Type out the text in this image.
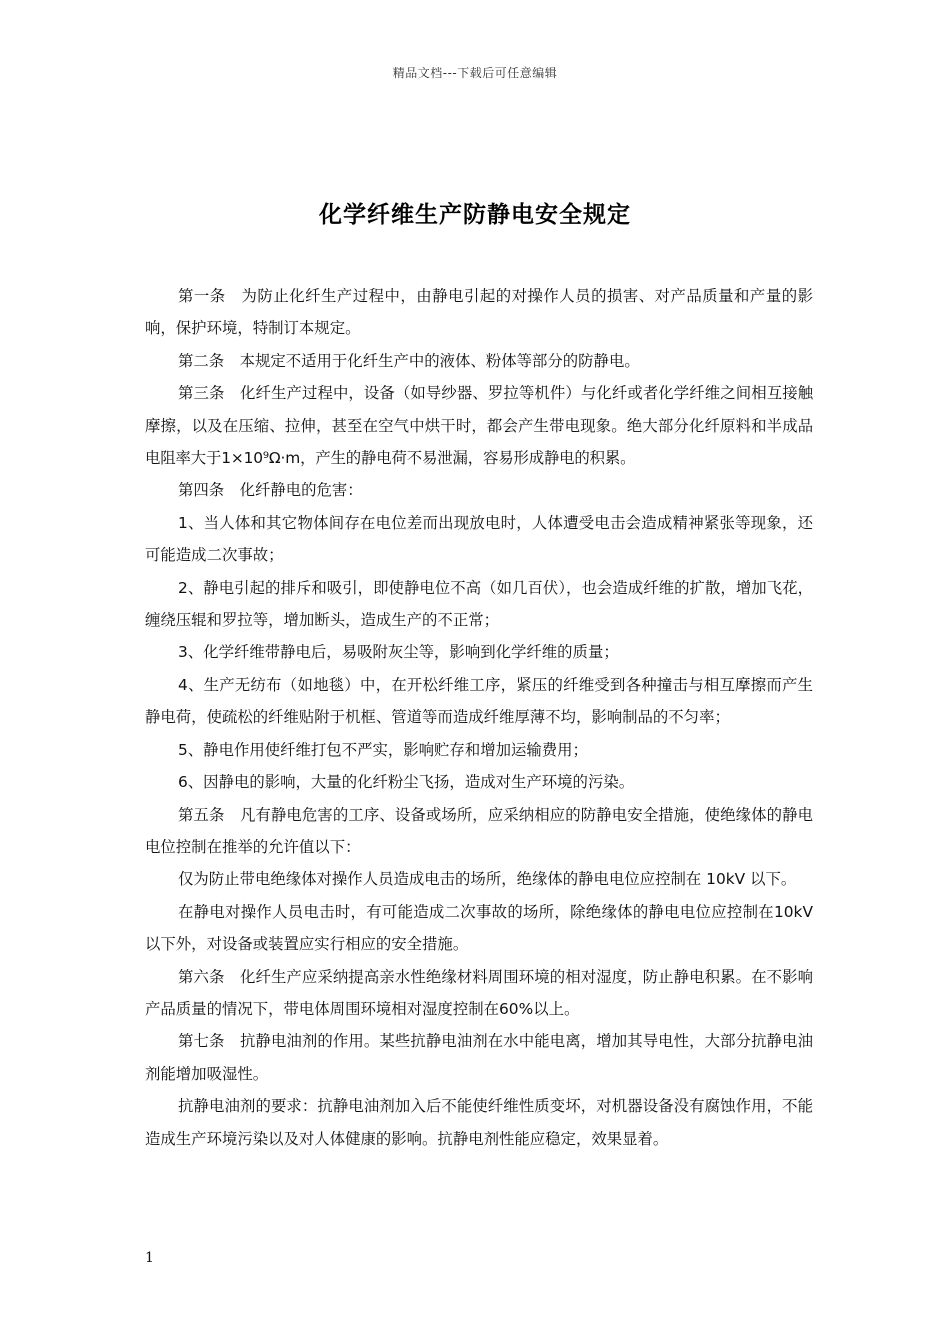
精品文档---下载后可任意编辑
化学纤维生产防静电安全规定

第一条　为防止化纤生产过程中，由静电引起的对操作人员的损害、对产品质量和产量的影响，保护环境，特制订本规定。

第二条　本规定不适用于化纤生产中的液体、粉体等部分的防静电。

第三条　化纤生产过程中，设备（如导纱器、罗拉等机件）与化纤或者化学纤维之间相互接触摩擦，以及在压缩、拉伸，甚至在空气中烘干时，都会产生带电现象。绝大部分化纤原料和半成品电阻率大于1×10⁹Ω·m，产生的静电荷不易泄漏，容易形成静电的积累。

第四条　化纤静电的危害：

1、当人体和其它物体间存在电位差而出现放电时，人体遭受电击会造成精神紧张等现象，还可能造成二次事故；

2、静电引起的排斥和吸引，即使静电位不高（如几百伏），也会造成纤维的扩散，增加飞花，缠绕压辊和罗拉等，增加断头，造成生产的不正常；

3、化学纤维带静电后，易吸附灰尘等，影响到化学纤维的质量；

4、生产无纺布（如地毯）中，在开松纤维工序，紧压的纤维受到各种撞击与相互摩擦而产生静电荷，使疏松的纤维贴附于机框、管道等而造成纤维厚薄不均，影响制品的不匀率；

5、静电作用使纤维打包不严实，影响贮存和增加运输费用；

6、因静电的影响，大量的化纤粉尘飞扬，造成对生产环境的污染。

第五条　凡有静电危害的工序、设备或场所，应采纳相应的防静电安全措施，使绝缘体的静电电位控制在推举的允许值以下：

仅为防止带电绝缘体对操作人员造成电击的场所，绝缘体的静电电位应控制在 10kV 以下。

在静电对操作人员电击时，有可能造成二次事故的场所，除绝缘体的静电电位应控制在10kV以下外，对设备或装置应实行相应的安全措施。

第六条　化纤生产应采纳提高亲水性绝缘材料周围环境的相对湿度，防止静电积累。在不影响产品质量的情况下，带电体周围环境相对湿度控制在60%以上。

第七条　抗静电油剂的作用。某些抗静电油剂在水中能电离，增加其导电性，大部分抗静电油剂能增加吸湿性。

抗静电油剂的要求：抗静电油剂加入后不能使纤维性质变坏，对机器设备没有腐蚀作用，不能造成生产环境污染以及对人体健康的影响。抗静电剂性能应稳定，效果显着。

1
